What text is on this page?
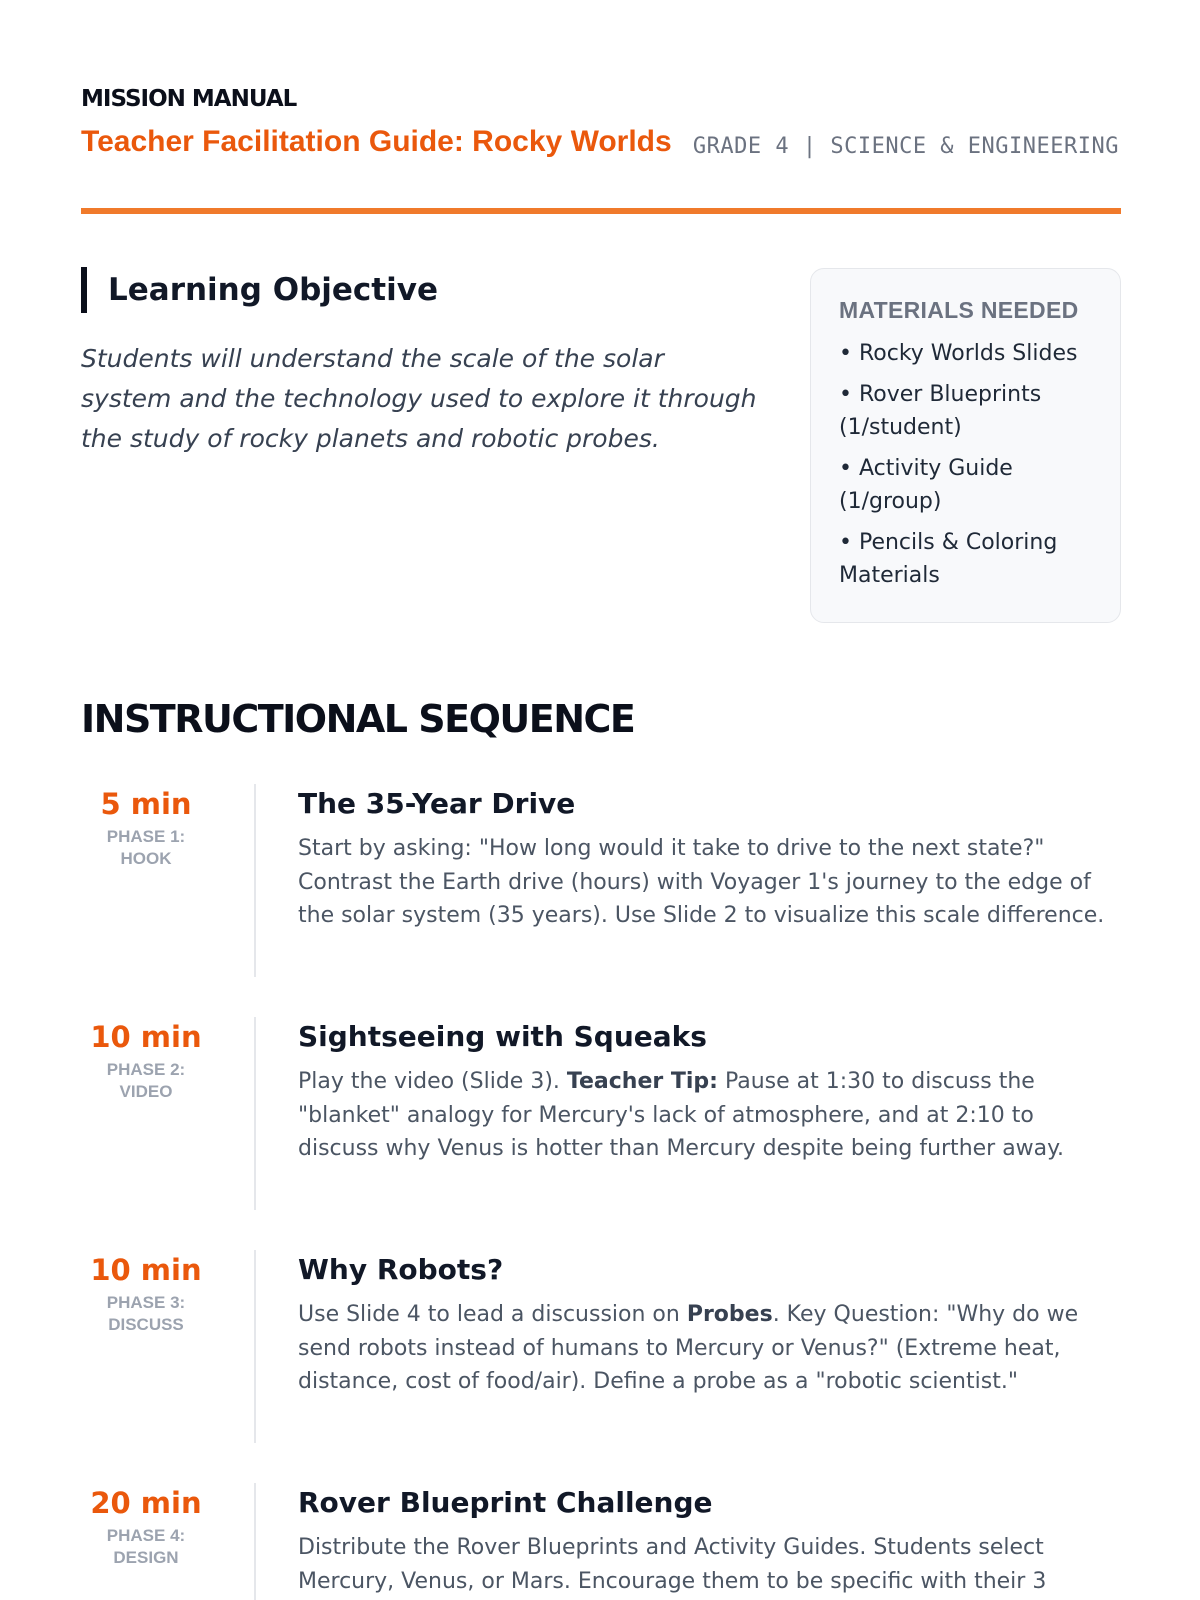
MISSION MANUAL
Teacher Facilitation Guide: Rocky Worlds GRADE 4 | SCIENCE & ENGINEERING
Learning Objective

Students will understand the scale of the solar system and the technology used to explore it through the study of rocky planets and robotic probes.

MATERIALS NEEDED
• Rocky Worlds Slides
• Rover Blueprints (1/student)
• Activity Guide (1/group)
• Pencils & Coloring Materials
INSTRUCTIONAL SEQUENCE
5 min
PHASE 1: HOOK
The 35-Year Drive

Start by asking: "How long would it take to drive to the next state?" Contrast the Earth drive (hours) with Voyager 1's journey to the edge of the solar system (35 years). Use Slide 2 to visualize this scale difference.

10 min
PHASE 2: VIDEO
Sightseeing with Squeaks

Play the video (Slide 3). Teacher Tip: Pause at 1:30 to discuss the "blanket" analogy for Mercury's lack of atmosphere, and at 2:10 to discuss why Venus is hotter than Mercury despite being further away.

10 min
PHASE 3: DISCUSS
Why Robots?

Use Slide 4 to lead a discussion on Probes. Key Question: "Why do we send robots instead of humans to Mercury or Venus?" (Extreme heat, distance, cost of food/air). Define a probe as a "robotic scientist."

20 min
PHASE 4: DESIGN
Rover Blueprint Challenge

Distribute the Rover Blueprints and Activity Guides. Students select Mercury, Venus, or Mars. Encourage them to be specific with their 3
